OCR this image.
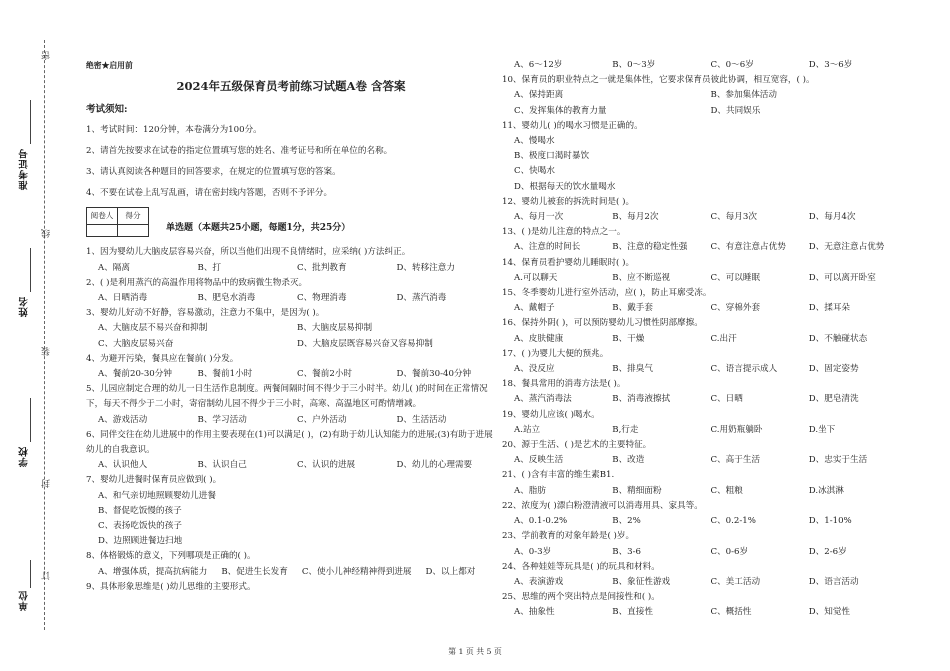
密
线
装
封
订
准考证号
姓名
学校
单位
绝密★启用前
2024年五级保育员考前练习试题A卷 含答案
考试须知:
1、考试时间：120分钟，本卷满分为100分。
2、请首先按要求在试卷的指定位置填写您的姓名、准考证号和所在单位的名称。
3、请认真阅读各种题目的回答要求，在规定的位置填写您的答案。
4、不要在试卷上乱写乱画，请在密封线内答题，否则不予评分。
阅卷人	得分

单选题（本题共25小题，每题1分，共25分）
1、因为婴幼儿大脑皮层容易兴奋，所以当他们出现不良情绪时，应采纳( )方法纠正。
A、隔离	B、打	C、批判教育	D、转移注意力
2、( )是利用蒸汽的高温作用将物品中的致病微生物杀灭。
A、日晒消毒	B、肥皂水消毒	C、物理消毒	D、蒸汽消毒
3、婴幼儿好动不好静，容易激动，注意力不集中，是因为( )。
A、大脑皮层不易兴奋和抑制	B、大脑皮层易抑制
C、大脑皮层易兴奋	D、大脑皮层既容易兴奋又容易抑制
4、为避开污染，餐具应在餐前( )分发。
A、餐前20-30分钟	B、餐前1小时	C、餐前2小时	D、餐前30-40分钟
5、儿园应制定合理的幼儿一日生活作息制度。两餐间隔时间不得少于三小时半。幼儿( )的时间在正常情况下，每天不得少于二小时，寄宿制幼儿园不得少于三小时，高寒、高温地区可酌情增减。
A、游戏活动	B、学习活动	C、户外活动	D、生活活动
6、同伴交往在幼儿进展中的作用主要表现在(1)可以满足( )，(2)有助于幼儿认知能力的进展;(3)有助于进展幼儿的自我意识。
A、认识他人	B、认识自己	C、认识的进展	D、幼儿的心理需要
7、婴幼儿进餐时保育员应做到( )。
A、和气亲切地照顾婴幼儿进餐
B、督促吃饭慢的孩子
C、表扬吃饭快的孩子
D、边照顾进餐边扫地
8、体格锻炼的意义，下列哪项是正确的( )。
A、增强体质，提高抗病能力 B、促进生长发育 C、使小儿神经精神得到进展 D、以上都对
9、具体形象思维是( )幼儿思维的主要形式。
A、6～12岁	B、0～3岁	C、0～6岁	D、3～6岁
10、保育员的职业特点之一就是集体性，它要求保育员彼此协调，相互宽容，( )。
A、保持距离	B、参加集体活动
C、发挥集体的教育力量	D、共同娱乐
11、婴幼儿( )的喝水习惯是正确的。
A、慢喝水
B、极度口渴时暴饮
C、快喝水
D、根据每天的饮水量喝水
12、婴幼儿被套的拆洗时间是( )。
A、每月一次	B、每月2次	C、每月3次	D、每月4次
13、( )是幼儿注意的特点之一。
A、注意的时间长	B、注意的稳定性强	C、有意注意占优势	D、无意注意占优势
14、保育员看护婴幼儿睡眠时( )。
A.可以聊天	B、应不断巡视	C、可以睡眠	D、可以离开卧室
15、冬季婴幼儿进行室外活动，应( )，防止耳廓受冻。
A、戴帽子	B、戴手套	C、穿棉外套	D、揉耳朵
16、保持外阴( )，可以预防婴幼儿习惯性阴部摩擦。
A、皮肤健康	B、干燥	C.出汗	D、不触碰状态
17、( )为婴儿大便的预兆。
A、没反应	B、排臭气	C、语言提示成人	D、固定姿势
18、餐具常用的消毒方法是( )。
A、蒸汽消毒法	B、消毒液擦拭	C、日晒	D、肥皂清洗
19、婴幼儿应该( )喝水。
A.站立	B,行走	C.用奶瓶躺卧	D.坐下
20、源于生活、( )是艺术的主要特征。
A、反映生活	B、改造	C、高于生活	D、忠实于生活
21、( )含有丰富的维生素B1.
A、脂肪	B、精细面粉	C、粗粮	D.冰淇淋
22、浓度为( )漂白粉澄清液可以消毒用具、家具等。
A、0.1-0.2%	B、2%	C、0.2-1%	D、1-10%
23、学前教育的对象年龄是( )岁。
A、0-3岁	B、3-6	C、0-6岁	D、2-6岁
24、各种娃娃等玩具是( )的玩具和材料。
A、表演游戏	B、象征性游戏	C、美工活动	D、语言活动
25、思维的两个突出特点是间接性和( )。
A、抽象性	B、直接性	C、概括性	D、知觉性
第 1 页 共 5 页
